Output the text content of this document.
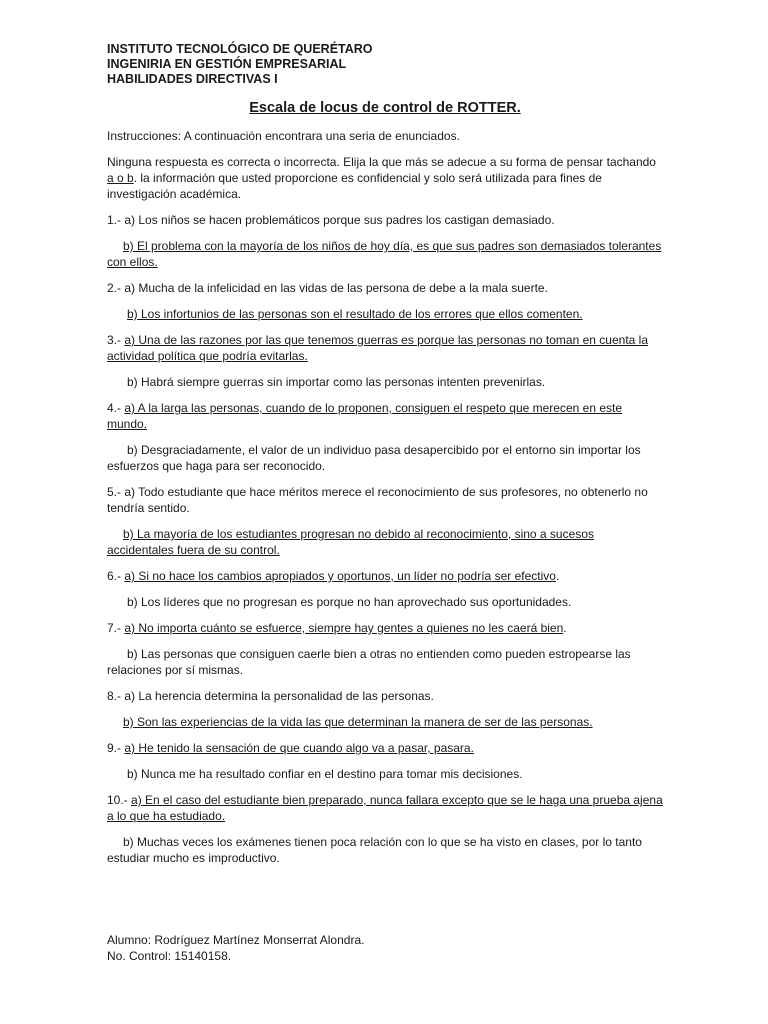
INSTITUTO TECNOLÓGICO DE QUERÉTARO

INGENIRIA EN GESTIÓN EMPRESARIAL

HABILIDADES DIRECTIVAS I

Escala de locus de control de ROTTER.

Instrucciones: A continuación encontrara una seria de enunciados.

Ninguna respuesta es correcta o incorrecta. Elija la que más se adecue a su forma de pensar tachando a o b. la información que usted proporcione es confidencial y solo será utilizada para fines de investigación académica.

1.- a) Los niños se hacen problemáticos porque sus padres los castigan demasiado.

b) El problema con la mayoría de los niños de hoy día, es que sus padres son demasiados tolerantes con ellos.

2.- a) Mucha de la infelicidad en las vidas de las persona de debe a la mala suerte.

b) Los infortunios de las personas son el resultado de los errores que ellos comenten.

3.- a) Una de las razones por las que tenemos guerras es porque las personas no toman en cuenta la actividad política que podría evitarlas.

b) Habrá siempre guerras sin importar como las personas intenten prevenirlas.

4.- a) A la larga las personas, cuando de lo proponen, consiguen el respeto que merecen en este mundo.

b) Desgraciadamente, el valor de un individuo pasa desapercibido por el entorno sin importar los esfuerzos que haga para ser reconocido.

5.- a) Todo estudiante que hace méritos merece el reconocimiento de sus profesores, no obtenerlo no tendría sentido.

b) La mayoría de los estudiantes progresan no debido al reconocimiento, sino a sucesos accidentales fuera de su control.

6.- a) Si no hace los cambios apropiados y oportunos, un líder no podría ser efectivo.

b) Los líderes que no progresan es porque no han aprovechado sus oportunidades.

7.- a) No importa cuánto se esfuerce, siempre hay gentes a quienes no les caerá bien.

b) Las personas que consiguen caerle bien a otras no entienden como pueden estropearse las relaciones por sí mismas.

8.- a) La herencia determina la personalidad de las personas.

b) Son las experiencias de la vida las que determinan la manera de ser de las personas.

9.- a) He tenido la sensación de que cuando algo va a pasar, pasara.

b) Nunca me ha resultado confiar en el destino para tomar mis decisiones.

10.- a) En el caso del estudiante bien preparado, nunca fallara excepto que se le haga una prueba ajena a lo que ha estudiado.

b) Muchas veces los exámenes tienen poca relación con lo que se ha visto en clases, por lo tanto estudiar mucho es improductivo.

Alumno: Rodríguez Martínez Monserrat Alondra.
No. Control: 15140158.
